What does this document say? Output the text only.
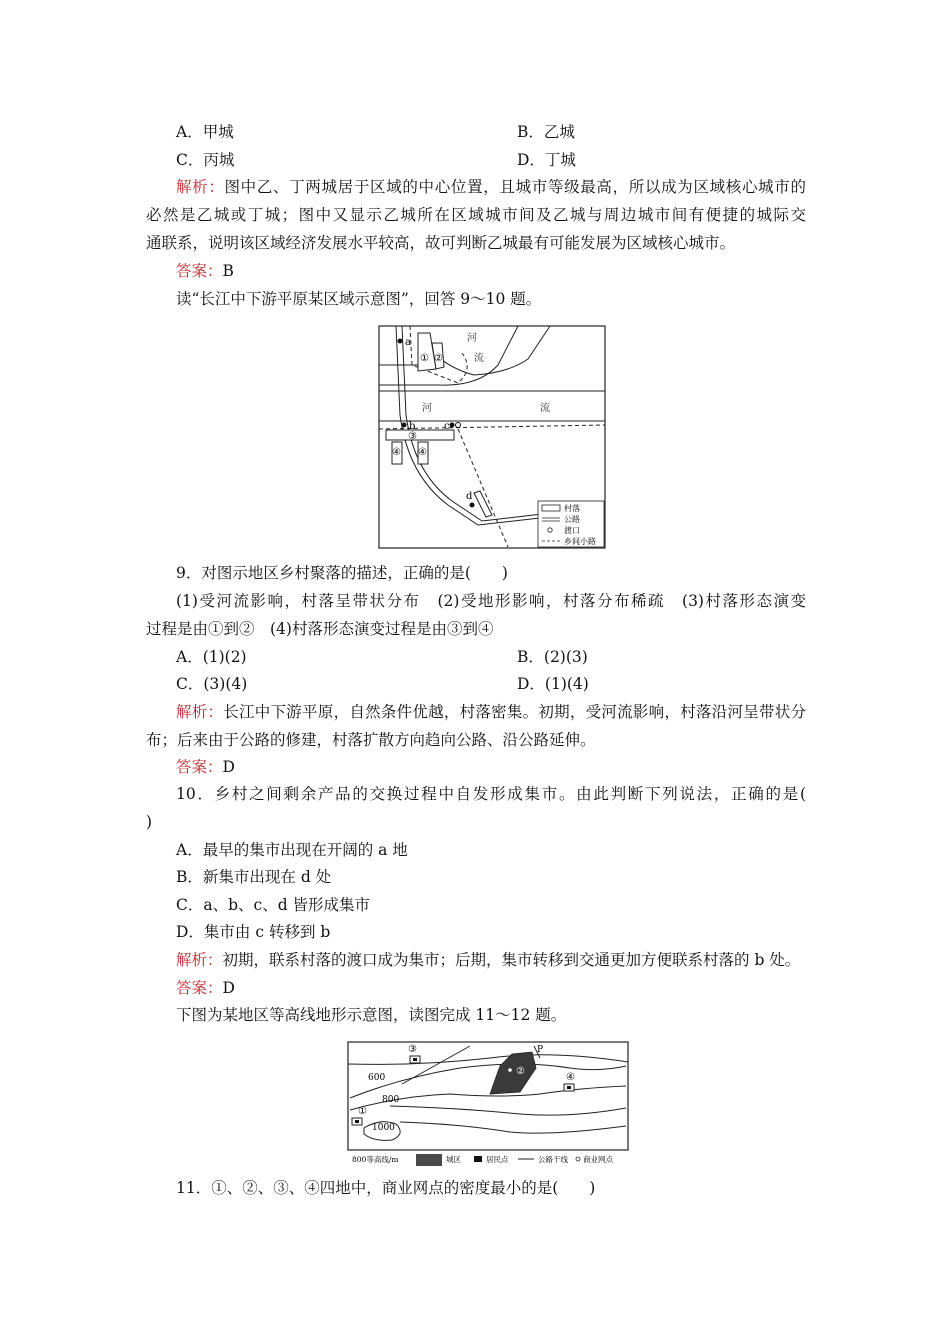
A．甲城	B．乙城
C．丙城	D．丁城
解析：图中乙、丁两城居于区域的中心位置，且城市等级最高，所以成为区域核心城市的
必然是乙城或丁城；图中又显示乙城所在区域城市间及乙城与周边城市间有便捷的城际交
通联系，说明该区域经济发展水平较高，故可判断乙城最有可能发展为区域核心城市。
答案：B
读“长江中下游平原某区域示意图”，回答 9～10 题。
河
流
河	流
① ②
③
④ ④
a
b	c
d
村落
公路
渡口
乡间小路
9．对图示地区乡村聚落的描述，正确的是(　　)
(1)受河流影响，村落呈带状分布　(2)受地形影响，村落分布稀疏　(3)村落形态演变
过程是由①到②　(4)村落形态演变过程是由③到④
A．(1)(2)	B．(2)(3)
C．(3)(4)	D．(1)(4)
解析：长江中下游平原，自然条件优越，村落密集。初期，受河流影响，村落沿河呈带状分
布；后来由于公路的修建，村落扩散方向趋向公路、沿公路延伸。
答案：D
10．乡村之间剩余产品的交换过程中自发形成集市。由此判断下列说法，正确的是(
)
A．最早的集市出现在开阔的 a 地
B．新集市出现在 d 处
C．a、b、c、d 皆形成集市
D．集市由 c 转移到 b
解析：初期，联系村落的渡口成为集市；后期，集市转移到交通更加方便联系村落的 b 处。
答案：D
下图为某地区等高线地形示意图，读图完成 11～12 题。
600
800
1000
②
P
③
④
①
800等高线/m	城区	居民点	公路干线 商业网点
11．①、②、③、④四地中，商业网点的密度最小的是(　　)
